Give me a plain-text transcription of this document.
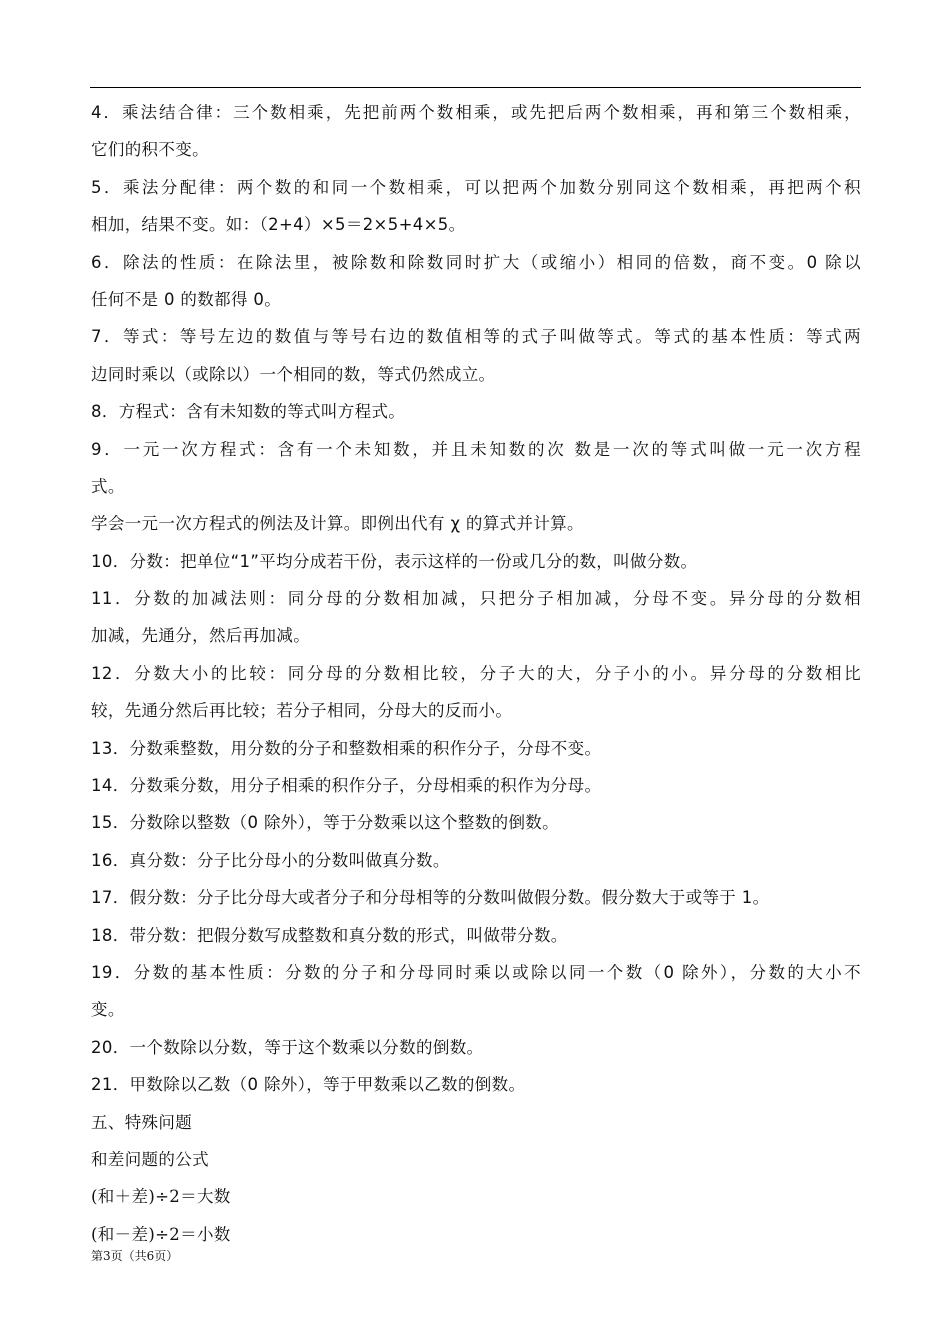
4．乘法结合律：三个数相乘，先把前两个数相乘，或先把后两个数相乘，再和第三个数相乘，
它们的积不变。
5．乘法分配律：两个数的和同一个数相乘，可以把两个加数分别同这个数相乘，再把两个积
相加，结果不变。如：（2+4）×5＝2×5+4×5。
6．除法的性质：在除法里，被除数和除数同时扩大（或缩小）相同的倍数，商不变。0 除以
任何不是 0 的数都得 0。
7．等式：等号左边的数值与等号右边的数值相等的式子叫做等式。等式的基本性质：等式两
边同时乘以（或除以）一个相同的数，等式仍然成立。
8．方程式：含有未知数的等式叫方程式。
9．一元一次方程式：含有一个未知数，并且未知数的次 数是一次的等式叫做一元一次方程
式。
学会一元一次方程式的例法及计算。即例出代有 χ 的算式并计算。
10．分数：把单位“1”平均分成若干份，表示这样的一份或几分的数，叫做分数。
11．分数的加减法则：同分母的分数相加减，只把分子相加减，分母不变。异分母的分数相
加减，先通分，然后再加减。
12．分数大小的比较：同分母的分数相比较，分子大的大，分子小的小。异分母的分数相比
较，先通分然后再比较；若分子相同，分母大的反而小。
13．分数乘整数，用分数的分子和整数相乘的积作分子，分母不变。
14．分数乘分数，用分子相乘的积作分子，分母相乘的积作为分母。
15．分数除以整数（0 除外），等于分数乘以这个整数的倒数。
16．真分数：分子比分母小的分数叫做真分数。
17．假分数：分子比分母大或者分子和分母相等的分数叫做假分数。假分数大于或等于 1。
18．带分数：把假分数写成整数和真分数的形式，叫做带分数。
19．分数的基本性质：分数的分子和分母同时乘以或除以同一个数（0 除外），分数的大小不
变。
20．一个数除以分数，等于这个数乘以分数的倒数。
21．甲数除以乙数（0 除外），等于甲数乘以乙数的倒数。
五、特殊问题
和差问题的公式
(和＋差)÷2＝大数
(和－差)÷2＝小数
第3页（共6页）
